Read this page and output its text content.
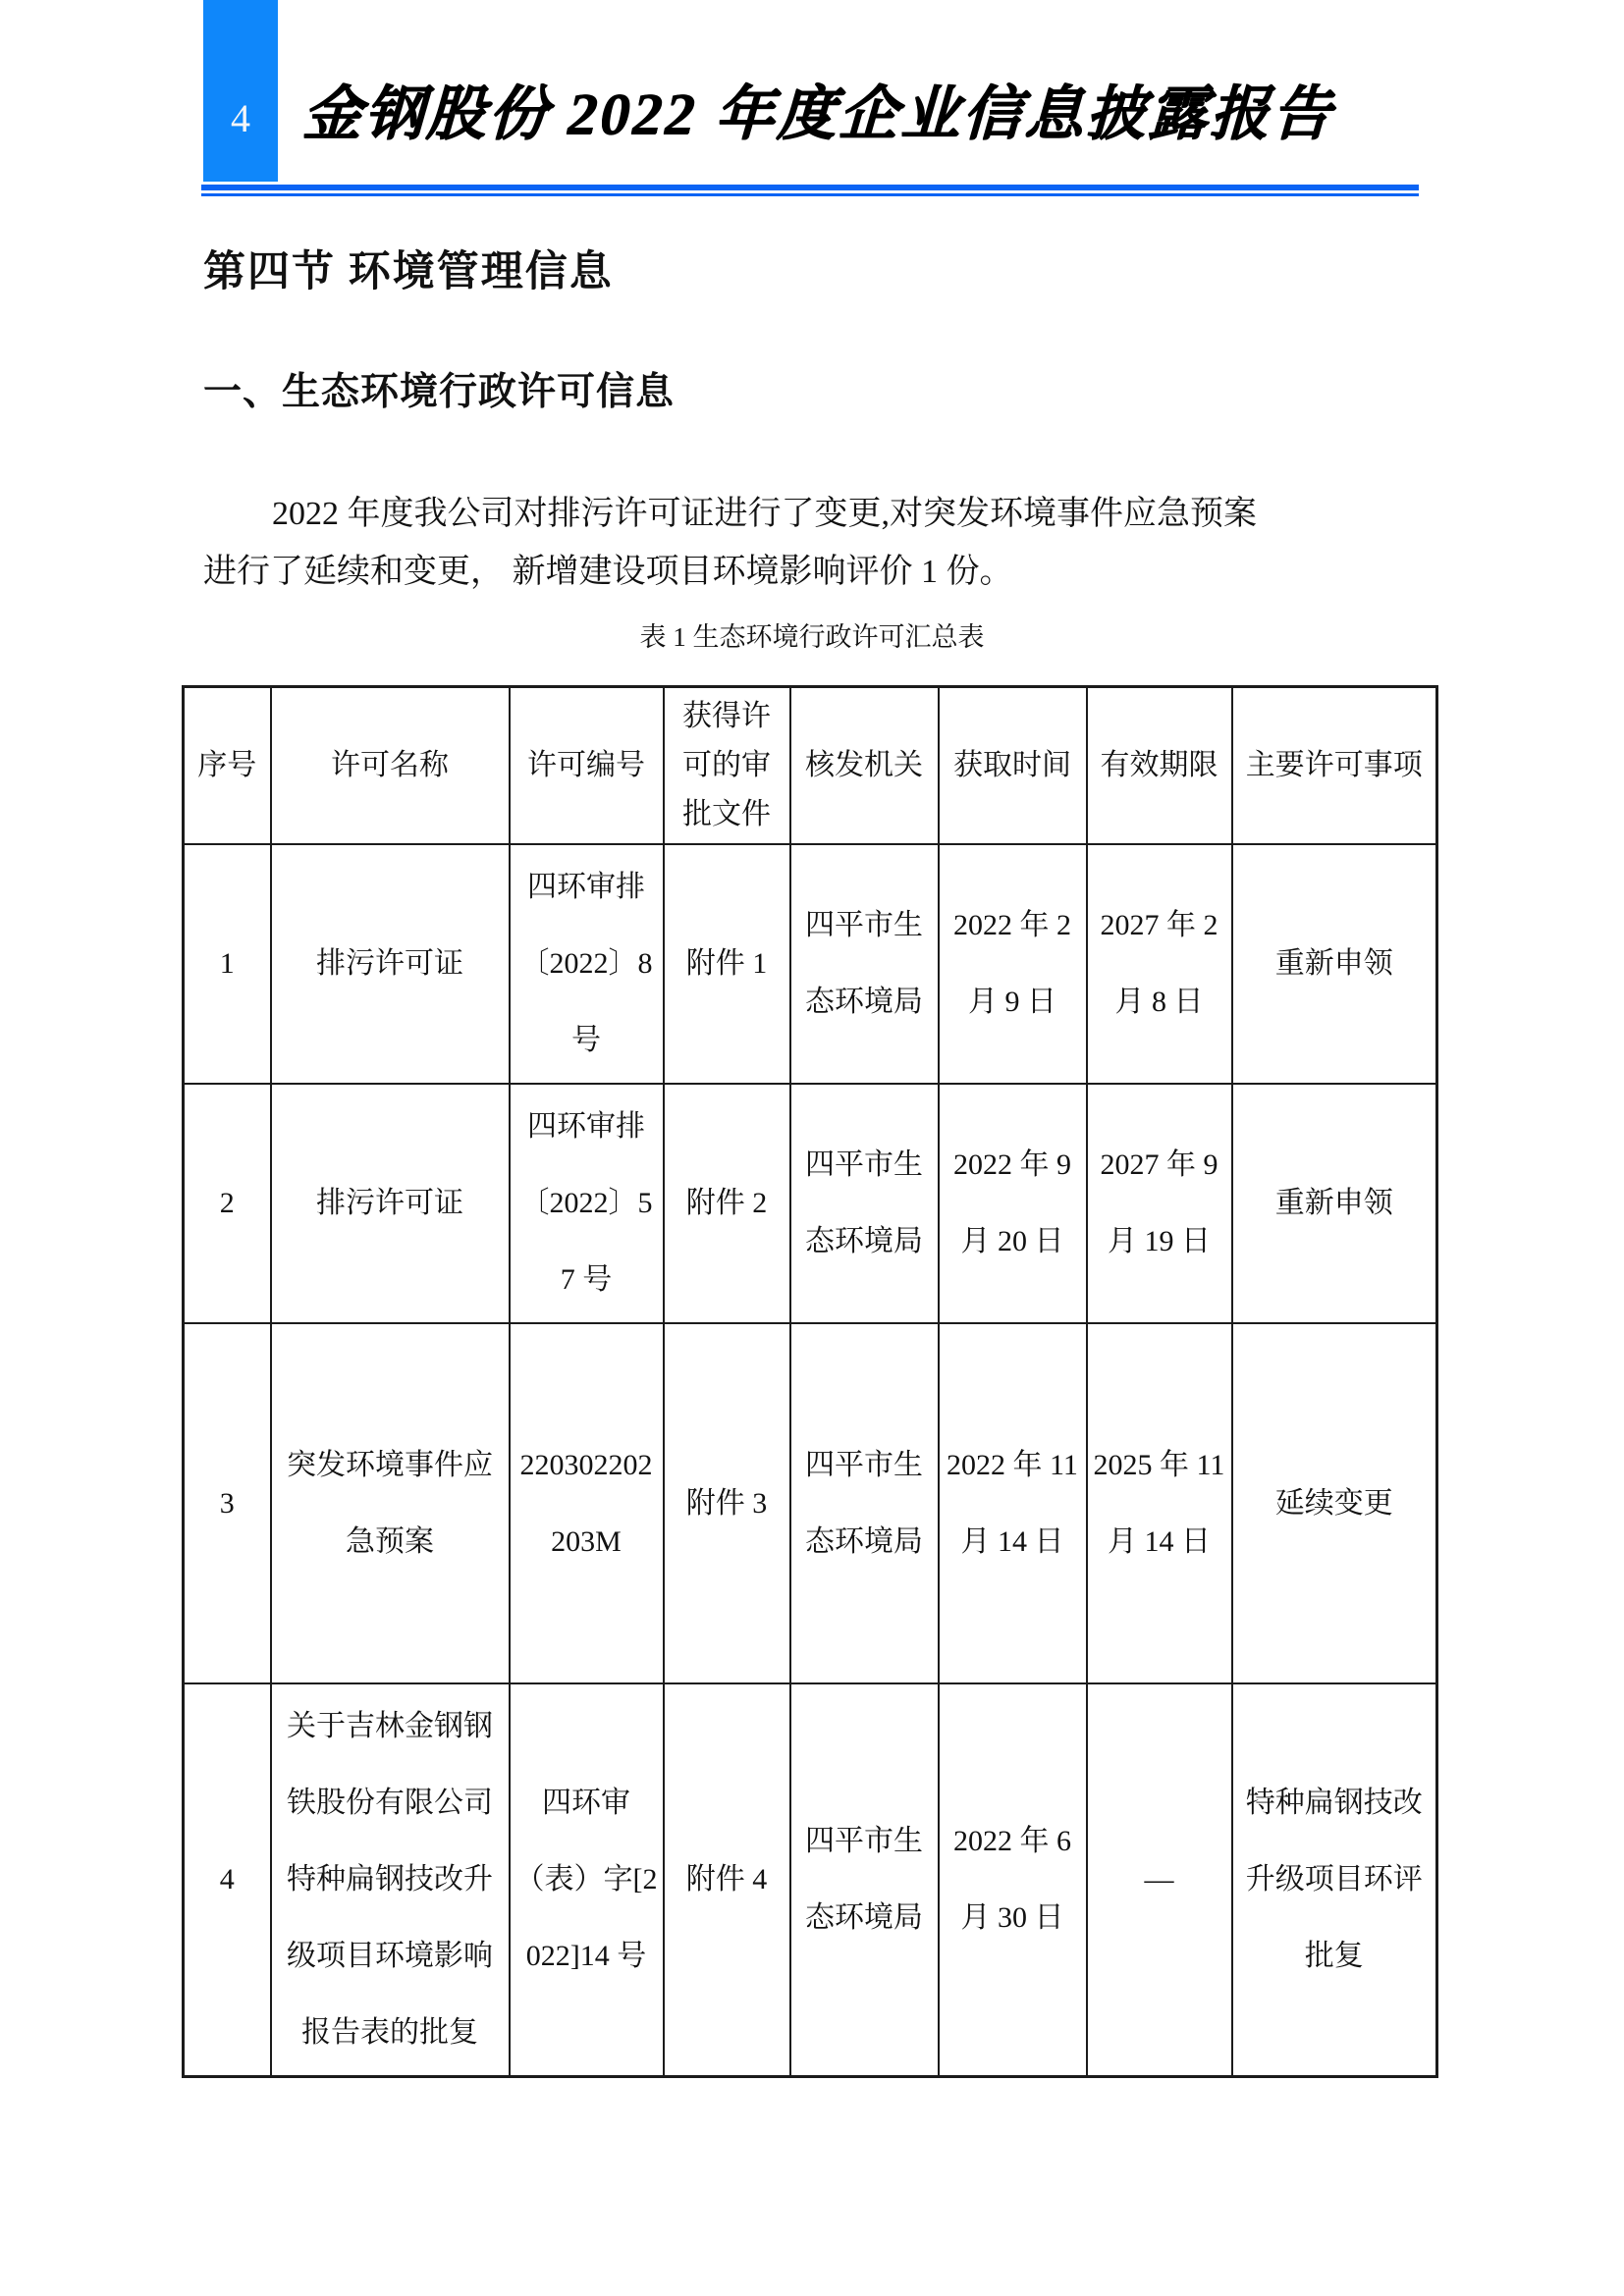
4 金钢股份 2022 年度企业信息披露报告
第四节 环境管理信息
一、生态环境行政许可信息

2022 年度我公司对排污许可证进行了变更,对突发环境事件应急预案
进行了延续和变更， 新增建设项目环境影响评价 1 份。

表 1 生态环境行政许可汇总表
序号	许可名称	许可编号	获得许可的审批文件	核发机关	获取时间	有效期限	主要许可事项
1	排污许可证	四环审排〔2022〕8 号	附件 1	四平市生态环境局	2022 年 2 月 9 日	2027 年 2 月 8 日	重新申领
2	排污许可证	四环审排〔2022〕57 号	附件 2	四平市生态环境局	2022 年 9 月 20 日	2027 年 9 月 19 日	重新申领
3	突发环境事件应急预案	220302202203M	附件 3	四平市生态环境局	2022 年 11 月 14 日	2025 年 11 月 14 日	延续变更
4	关于吉林金钢钢铁股份有限公司特种扁钢技改升级项目环境影响报告表的批复	四环审（表）字[2022]14 号	附件 4	四平市生态环境局	2022 年 6 月 30 日	—	特种扁钢技改升级项目环评批复
